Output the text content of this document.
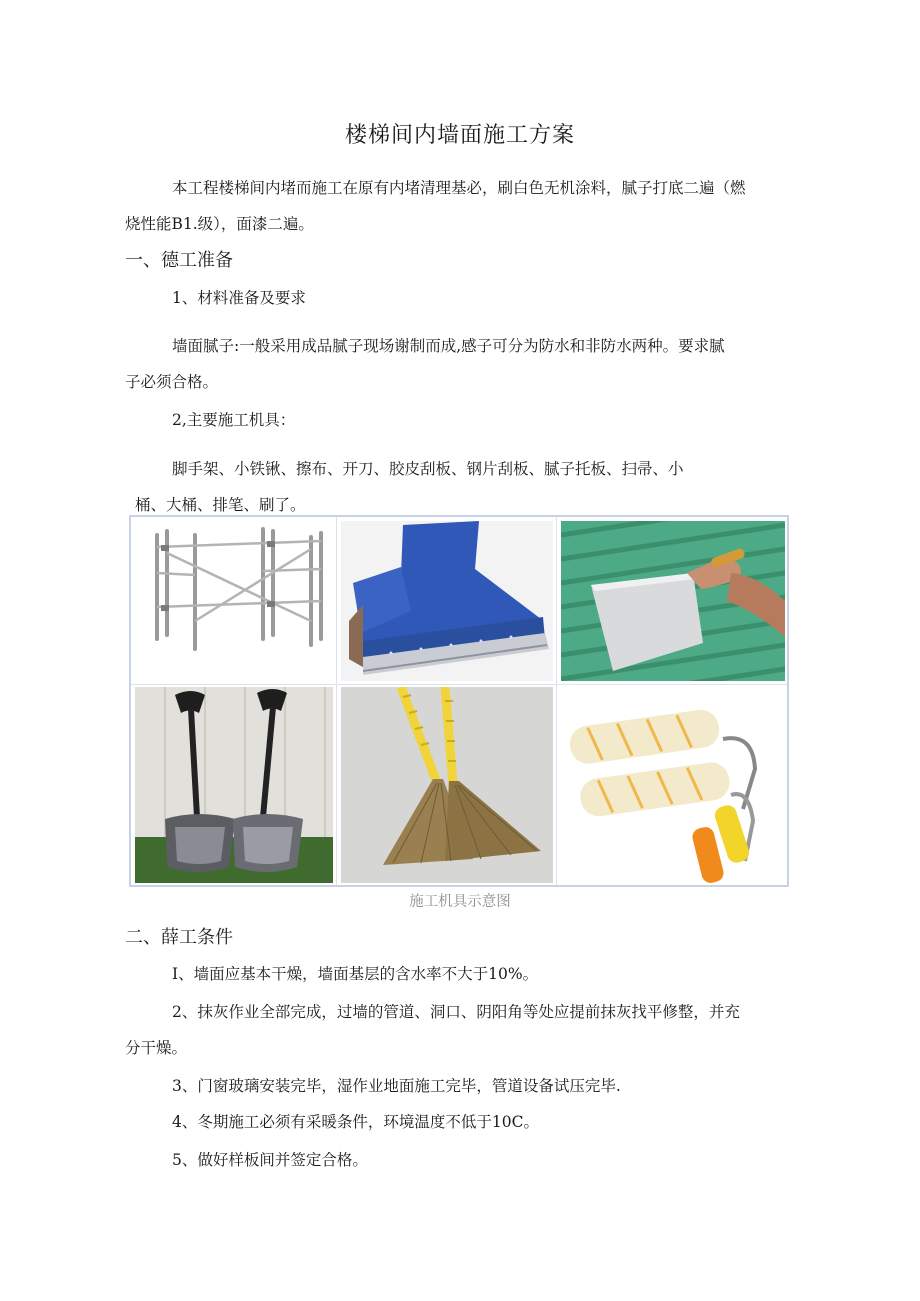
楼梯间内墙面施工方案
本工程楼梯间内堵而施工在原有内堵清理基必，刷白色无机涂料，腻子打底二遍（燃
烧性能B1.级），面漆二遍。
一、德工准备
1、材料准备及要求
墙面腻子:一般采用成品腻子现场谢制而成,感子可分为防水和非防水两种。要求腻
子必须合格。
2,主要施工机具：
脚手架、小铁锹、擦布、开刀、胶皮刮板、钢片刮板、腻子托板、扫帚、小
桶、大桶、排笔、刷了。
施工机具示意图
二、薛工条件
I、墙面应基本干燥，墙面基层的含水率不大于10%。
2、抹灰作业全部完成，过墙的管道、洞口、阴阳角等处应提前抹灰找平修整，并充
分干燥。
3、门窗玻璃安装完毕，湿作业地面施工完毕，管道设备试压完毕.
4、冬期施工必须有采暖条件，环境温度不低于10C。
5、做好样板间并签定合格。
